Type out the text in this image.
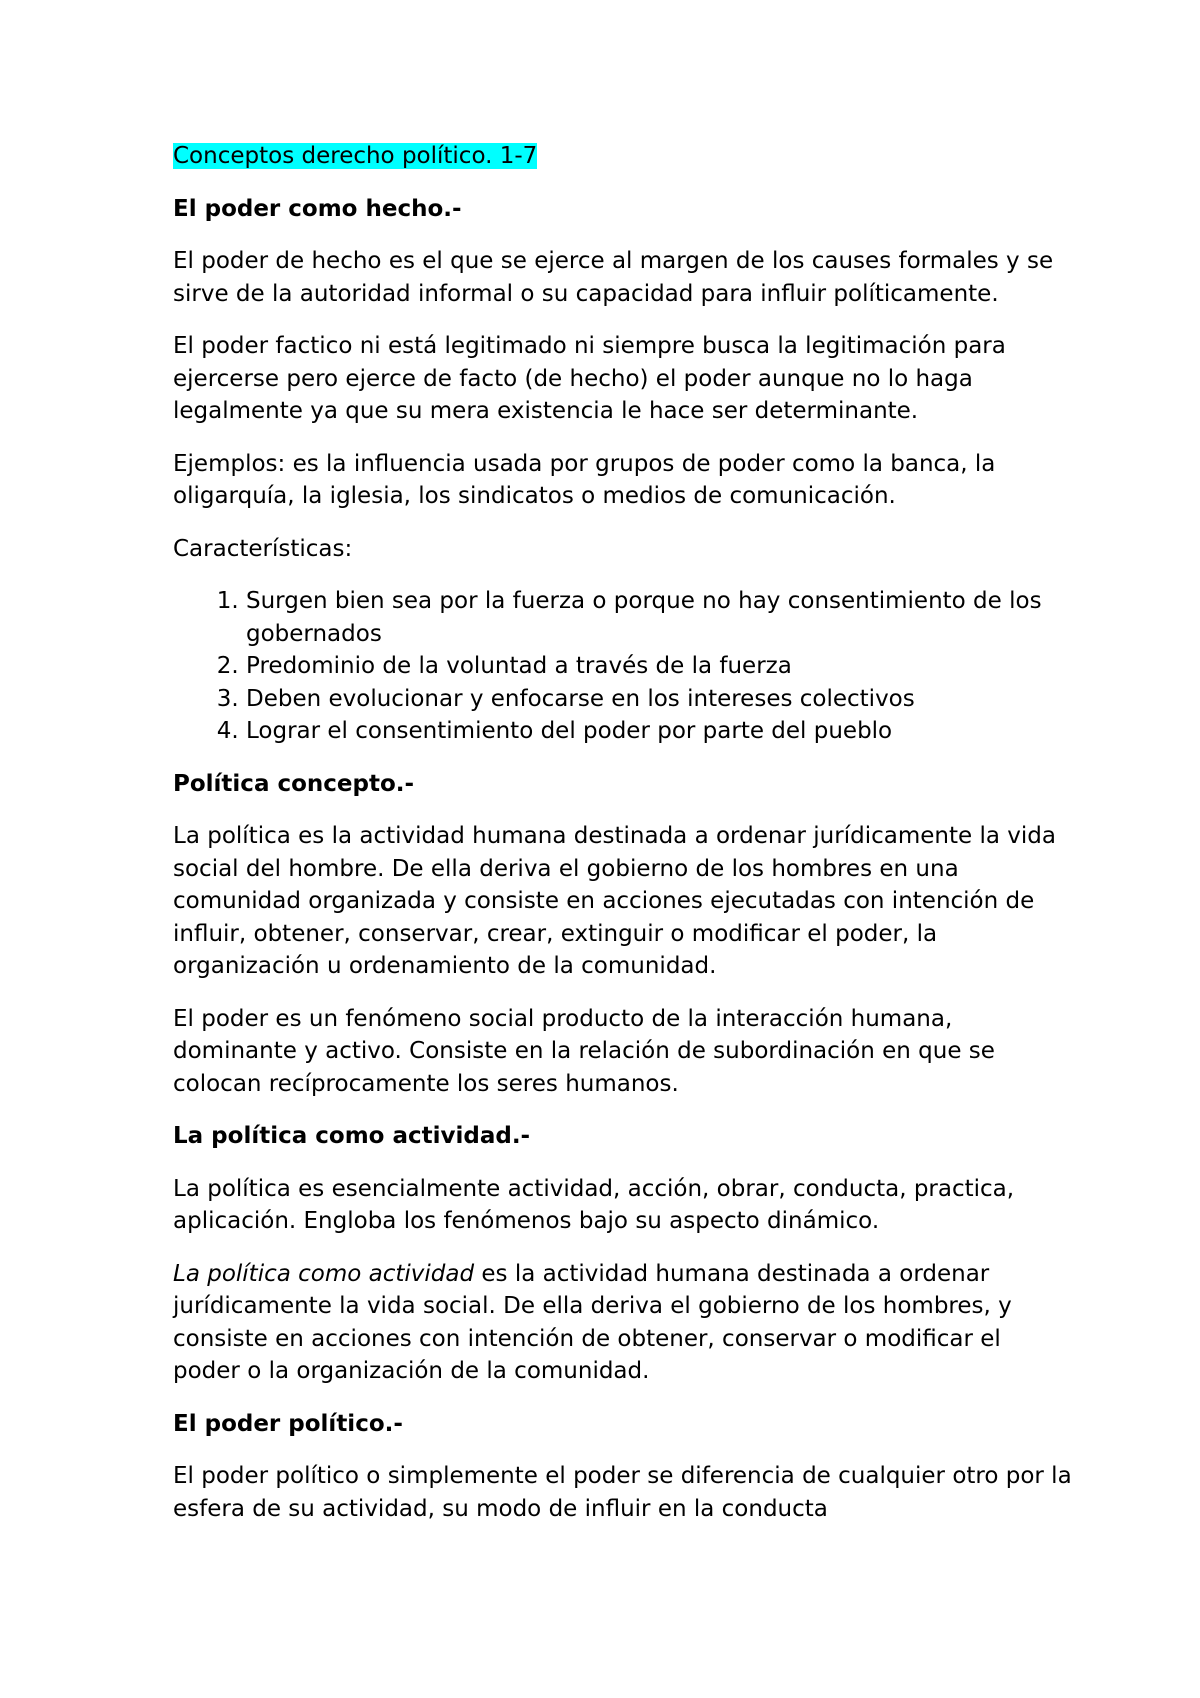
Conceptos derecho político. 1-7

El poder como hecho.-

El poder de hecho es el que se ejerce al margen de los causes formales y se sirve de la autoridad informal o su capacidad para influir políticamente.

El poder factico ni está legitimado ni siempre busca la legitimación para ejercerse pero ejerce de facto (de hecho) el poder aunque no lo haga legalmente ya que su mera existencia le hace ser determinante.

Ejemplos: es la influencia usada por grupos de poder como la banca, la oligarquía, la iglesia, los sindicatos o medios de comunicación.

Características:

1. Surgen bien sea por la fuerza o porque no hay consentimiento de los gobernados
2. Predominio de la voluntad a través de la fuerza
3. Deben evolucionar y enfocarse en los intereses colectivos
4. Lograr el consentimiento del poder por parte del pueblo
Política concepto.-

La política es la actividad humana destinada a ordenar jurídicamente la vida social del hombre. De ella deriva el gobierno de los hombres en una comunidad organizada y consiste en acciones ejecutadas con intención de influir, obtener, conservar, crear, extinguir o modificar el poder, la organización u ordenamiento de la comunidad.

El poder es un fenómeno social producto de la interacción humana, dominante y activo. Consiste en la relación de subordinación en que se colocan recíprocamente los seres humanos.

La política como actividad.-

La política es esencialmente actividad, acción, obrar, conducta, practica, aplicación. Engloba los fenómenos bajo su aspecto dinámico.

La política como actividad es la actividad humana destinada a ordenar jurídicamente la vida social. De ella deriva el gobierno de los hombres, y consiste en acciones con intención de obtener, conservar o modificar el poder o la organización de la comunidad.

El poder político.-

El poder político o simplemente el poder se diferencia de cualquier otro por la esfera de su actividad, su modo de influir en la conducta
